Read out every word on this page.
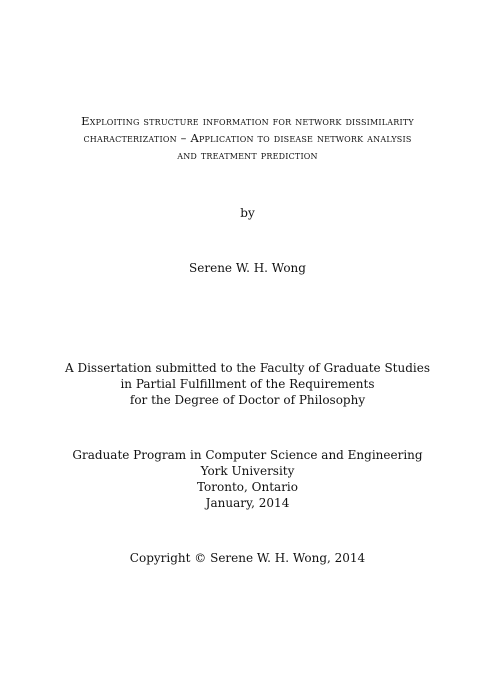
Exploiting structure information for network dissimilarity
characterization – Application to disease network analysis
and treatment prediction
by
Serene W. H. Wong
A Dissertation submitted to the Faculty of Graduate Studies
in Partial Fulfillment of the Requirements
for the Degree of Doctor of Philosophy
Graduate Program in Computer Science and Engineering
York University
Toronto, Ontario
January, 2014
Copyright © Serene W. H. Wong, 2014
